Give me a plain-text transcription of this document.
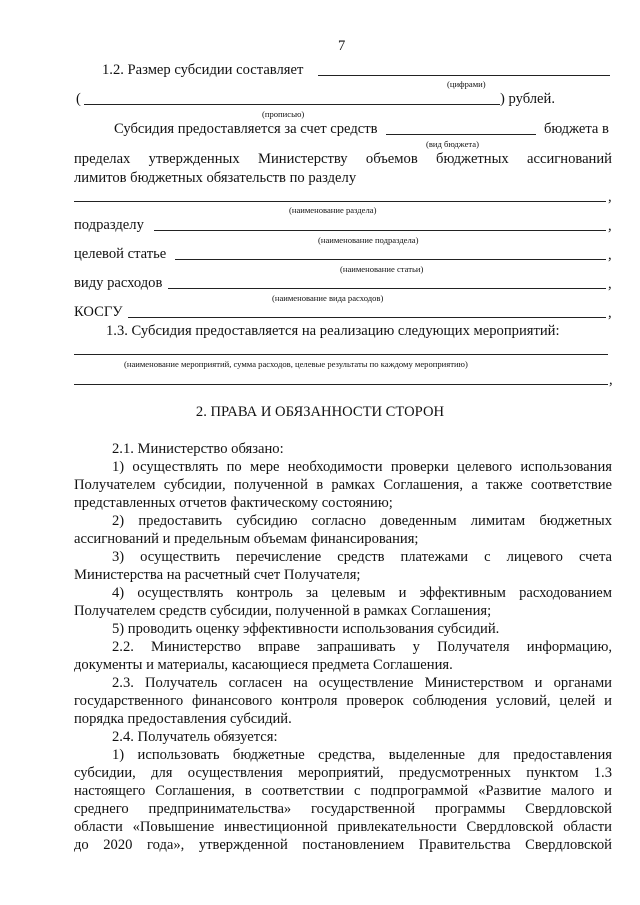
7
1.2. Размер субсидии составляет
(цифрами)
(	) рублей.
(прописью)
Субсидия предоставляется за счет средств	бюджета в
(вид бюджета)
пределах утвержденных Министерству объемов бюджетных ассигнований
лимитов бюджетных обязательств по разделу
,
(наименование раздела)
подразделу	,
(наименование подраздела)
целевой статье	,
(наименование статьи)
виду расходов	,
(наименование вида расходов)
КОСГУ	,
1.3. Субсидия предоставляется на реализацию следующих мероприятий:
(наименование мероприятий, сумма расходов, целевые результаты по каждому мероприятию)
,
2. ПРАВА И ОБЯЗАННОСТИ СТОРОН
2.1. Министерство обязано:
1) осуществлять по мере необходимости проверки целевого использования
Получателем субсидии, полученной в рамках Соглашения, а также соответствие
представленных отчетов фактическому состоянию;
2) предоставить субсидию согласно доведенным лимитам бюджетных
ассигнований и предельным объемам финансирования;
3) осуществить перечисление средств платежами с лицевого счета
Министерства на расчетный счет Получателя;
4) осуществлять контроль за целевым и эффективным расходованием
Получателем средств субсидии, полученной в рамках Соглашения;
5) проводить оценку эффективности использования субсидий.
2.2. Министерство вправе запрашивать у Получателя информацию,
документы и материалы, касающиеся предмета Соглашения.
2.3. Получатель согласен на осуществление Министерством и органами
государственного финансового контроля проверок соблюдения условий, целей и
порядка предоставления субсидий.
2.4. Получатель обязуется:
1) использовать бюджетные средства, выделенные для предоставления
субсидии, для осуществления мероприятий, предусмотренных пунктом 1.3
настоящего Соглашения, в соответствии с подпрограммой «Развитие малого и
среднего предпринимательства» государственной программы Свердловской
области «Повышение инвестиционной привлекательности Свердловской области
до 2020 года», утвержденной постановлением Правительства Свердловской
